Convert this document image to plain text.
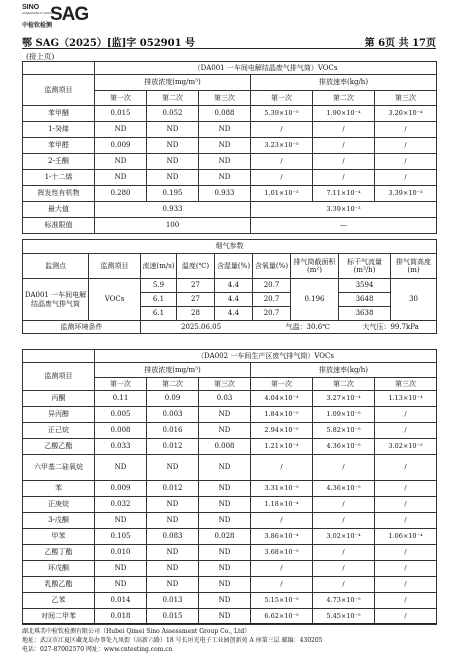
SINO
ASSESSMENT GROUP
中检钦检测
SAG
鄂 SAG（2025）[监]字 052901 号	第 6页 共 17页
(接上页)
	（DA001 一车间电解结晶废气排气筒）VOCs					
监测项目	排放浓度(mg/m³)			排放速率(kg/h)		
	第一次	第二次	第三次	第一次	第二次	第三次
苯甲醚	0.015	0.052	0.088	5.39×10⁻⁵	1.90×10⁻⁴	3.20×10⁻⁴
1-癸烯	ND	ND	ND	/	/	/
苯甲醛	0.009	ND	ND	3.23×10⁻⁵	/	/
2-壬酮	ND	ND	ND	/	/	/
1-十二烯	ND	ND	ND	/	/	/
挥发性有机物	0.280	0.195	0.933	1.01×10⁻³	7.11×10⁻⁴	3.39×10⁻³
最大值	0.933			3.39×10⁻³		
标准限值	100			—		
烟气参数								
监测点	监测项目	流速(m/s)	温度(℃)	含湿量(%)	含氧量(%)	排气筒截面积(m²)	标干气流量(m³/h)	排气筒高度(m)
DA001 一车间电解结晶废气排气筒	VOCs	5.9	27	4.4	20.7	0.196	3594	30
		6.1	27	4.4	20.7		3648	
		6.1	28	4.4	20.7		3638	
监测环境条件		2025.06.05 气温：30.6℃ 大气压：99.7kPa						
	（DA002 一车间生产区废气排气筒）VOCs					
监测项目	排放浓度(mg/m³)			排放速率(kg/h)		
	第一次	第二次	第三次	第一次	第二次	第三次
丙酮	0.11	0.09	0.03	4.04×10⁻⁴	3.27×10⁻⁴	1.13×10⁻⁴
异丙醇	0.005	0.003	ND	1.84×10⁻⁵	1.09×10⁻⁵	/
正己烷	0.008	0.016	ND	2.94×10⁻⁵	5.82×10⁻⁵	/
乙酸乙酯	0.033	0.012	0.008	1.21×10⁻⁴	4.36×10⁻⁵	3.02×10⁻⁵
六甲基二硅氧烷	ND	ND	ND	/	/	/
苯	0.009	0.012	ND	3.31×10⁻⁵	4.36×10⁻⁵	/
正庚烷	0.032	ND	ND	1.18×10⁻⁴	/	/
3-戊酮	ND	ND	ND	/	/	/
甲苯	0.105	0.083	0.028	3.86×10⁻⁴	3.02×10⁻⁴	1.06×10⁻⁴
乙酸丁酯	0.010	ND	ND	3.68×10⁻⁵	/	/
环戊酮	ND	ND	ND	/	/	/
乳酸乙酯	ND	ND	ND	/	/	/
乙苯	0.014	0.013	ND	5.15×10⁻⁵	4.73×10⁻⁵	/
对间二甲苯	0.018	0.015	ND	6.62×10⁻⁵	5.45×10⁻⁵	/
湖北琪美中检钦检测有限公司（Hubei Qimei Sino Assessment Group Co., Ltd）
地址：武汉市江夏区藏龙岛办事处九凤街（高新六路）18 号长垣光电子工业园创新苑 A 座第三层 邮编：430205
电话：027-87002570 网址：www.cntesting.com.cn
